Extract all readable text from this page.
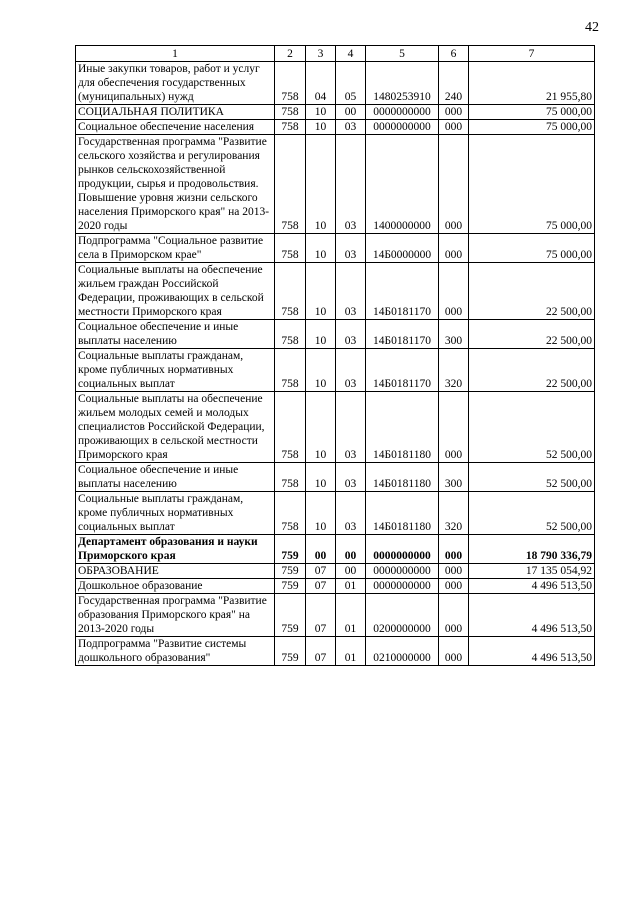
42
1	2	3	4	5	6	7
Иные закупки товаров, работ и услуг для обеспечения государственных (муниципальных) нужд	758	04	05	1480253910	240	21 955,80
СОЦИАЛЬНАЯ ПОЛИТИКА	758	10	00	0000000000	000	75 000,00
Социальное обеспечение населения	758	10	03	0000000000	000	75 000,00
Государственная программа "Развитие сельского хозяйства и регулирования рынков сельскохозяйственной продукции, сырья и продовольствия. Повышение уровня жизни сельского населения Приморского края" на 2013-2020 годы	758	10	03	1400000000	000	75 000,00
Подпрограмма "Социальное развитие села в Приморском крае"	758	10	03	14Б0000000	000	75 000,00
Социальные выплаты на обеспечение жильем граждан Российской Федерации, проживающих в сельской местности Приморского края	758	10	03	14Б0181170	000	22 500,00
Социальное обеспечение и иные выплаты населению	758	10	03	14Б0181170	300	22 500,00
Социальные выплаты гражданам, кроме публичных нормативных социальных выплат	758	10	03	14Б0181170	320	22 500,00
Социальные выплаты на обеспечение жильем молодых семей и молодых специалистов Российской Федерации, проживающих в сельской местности Приморского края	758	10	03	14Б0181180	000	52 500,00
Социальное обеспечение и иные выплаты населению	758	10	03	14Б0181180	300	52 500,00
Социальные выплаты гражданам, кроме публичных нормативных социальных выплат	758	10	03	14Б0181180	320	52 500,00
Департамент образования и науки Приморского края	759	00	00	0000000000	000	18 790 336,79
ОБРАЗОВАНИЕ	759	07	00	0000000000	000	17 135 054,92
Дошкольное образование	759	07	01	0000000000	000	4 496 513,50
Государственная программа "Развитие образования Приморского края" на 2013-2020 годы	759	07	01	0200000000	000	4 496 513,50
Подпрограмма "Развитие системы дошкольного образования"	759	07	01	0210000000	000	4 496 513,50
